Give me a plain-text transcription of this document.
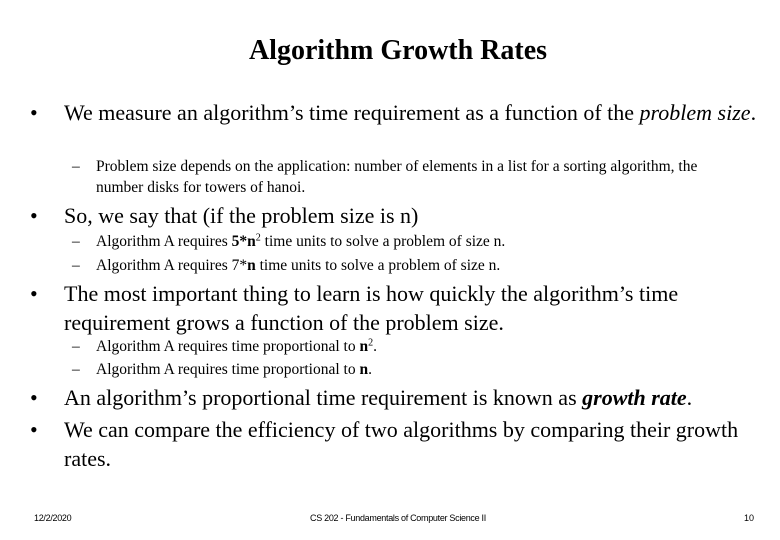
Algorithm Growth Rates
•	We measure an algorithm’s time requirement as a function of the problem size.
– Problem size depends on the application: number of elements in a list for a sorting algorithm, the number disks for towers of hanoi.
•	So, we say that (if the problem size is n)
– Algorithm A requires $5*n^2$ time units to solve a problem of size n.
– Algorithm A requires 7*n time units to solve a problem of size n.
•	The most important thing to learn is how quickly the algorithm’s time requirement grows a function of the problem size.
– Algorithm A requires time proportional to $n^2$.
– Algorithm A requires time proportional to n.
•	An algorithm’s proportional time requirement is known as growth rate.
•	We can compare the efficiency of two algorithms by comparing their growth rates.
12/2/2020	CS 202 - Fundamentals of Computer Science II	10
